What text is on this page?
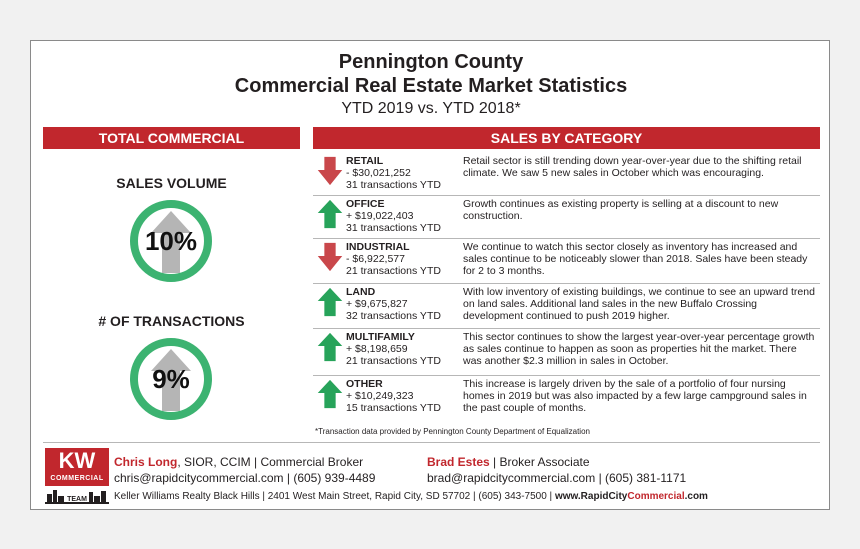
Pennington County
Commercial Real Estate Market Statistics
YTD 2019 vs. YTD 2018*
TOTAL COMMERCIAL TRANSACTIONS
SALES BY CATEGORY
SALES VOLUME
10%
# OF TRANSACTIONS
9%
RETAIL
- $30,021,252
31 transactions YTD
Retail sector is still trending down year-over-year due to the shifting retail climate. We saw 5 new sales in October which was encouraging.
OFFICE
+ $19,022,403
31 transactions YTD
Growth continues as existing property is selling at a discount to new construction.
INDUSTRIAL
- $6,922,577
21 transactions YTD
We continue to watch this sector closely as inventory has increased and sales continue to be noticeably slower than 2018. Sales have been steady for 2 to 3 months.
LAND
+ $9,675,827
32 transactions YTD
With low inventory of existing buildings, we continue to see an upward trend on land sales. Additional land sales in the new Buffalo Crossing development continued to push 2019 higher.
MULTIFAMILY
+ $8,198,659
21 transactions YTD
This sector continues to show the largest year-over-year percentage growth as sales continue to happen as soon as properties hit the market. There was another $2.3 million in sales in October.
OTHER
+ $10,249,323
15 transactions YTD
This increase is largely driven by the sale of a portfolio of four nursing homes in 2019 but was also impacted by a few large campground sales in the past couple of months.
*Transaction data provided by Pennington County Department of Equalization
KW
COMMERCIAL
TEAM
Chris Long, SIOR, CCIM | Commercial Broker
chris@rapidcitycommercial.com | (605) 939-4489
Brad Estes | Broker Associate
brad@rapidcitycommercial.com | (605) 381-1171
Keller Williams Realty Black Hills | 2401 West Main Street, Rapid City, SD 57702 | (605) 343-7500 | www.RapidCityCommercial.com
